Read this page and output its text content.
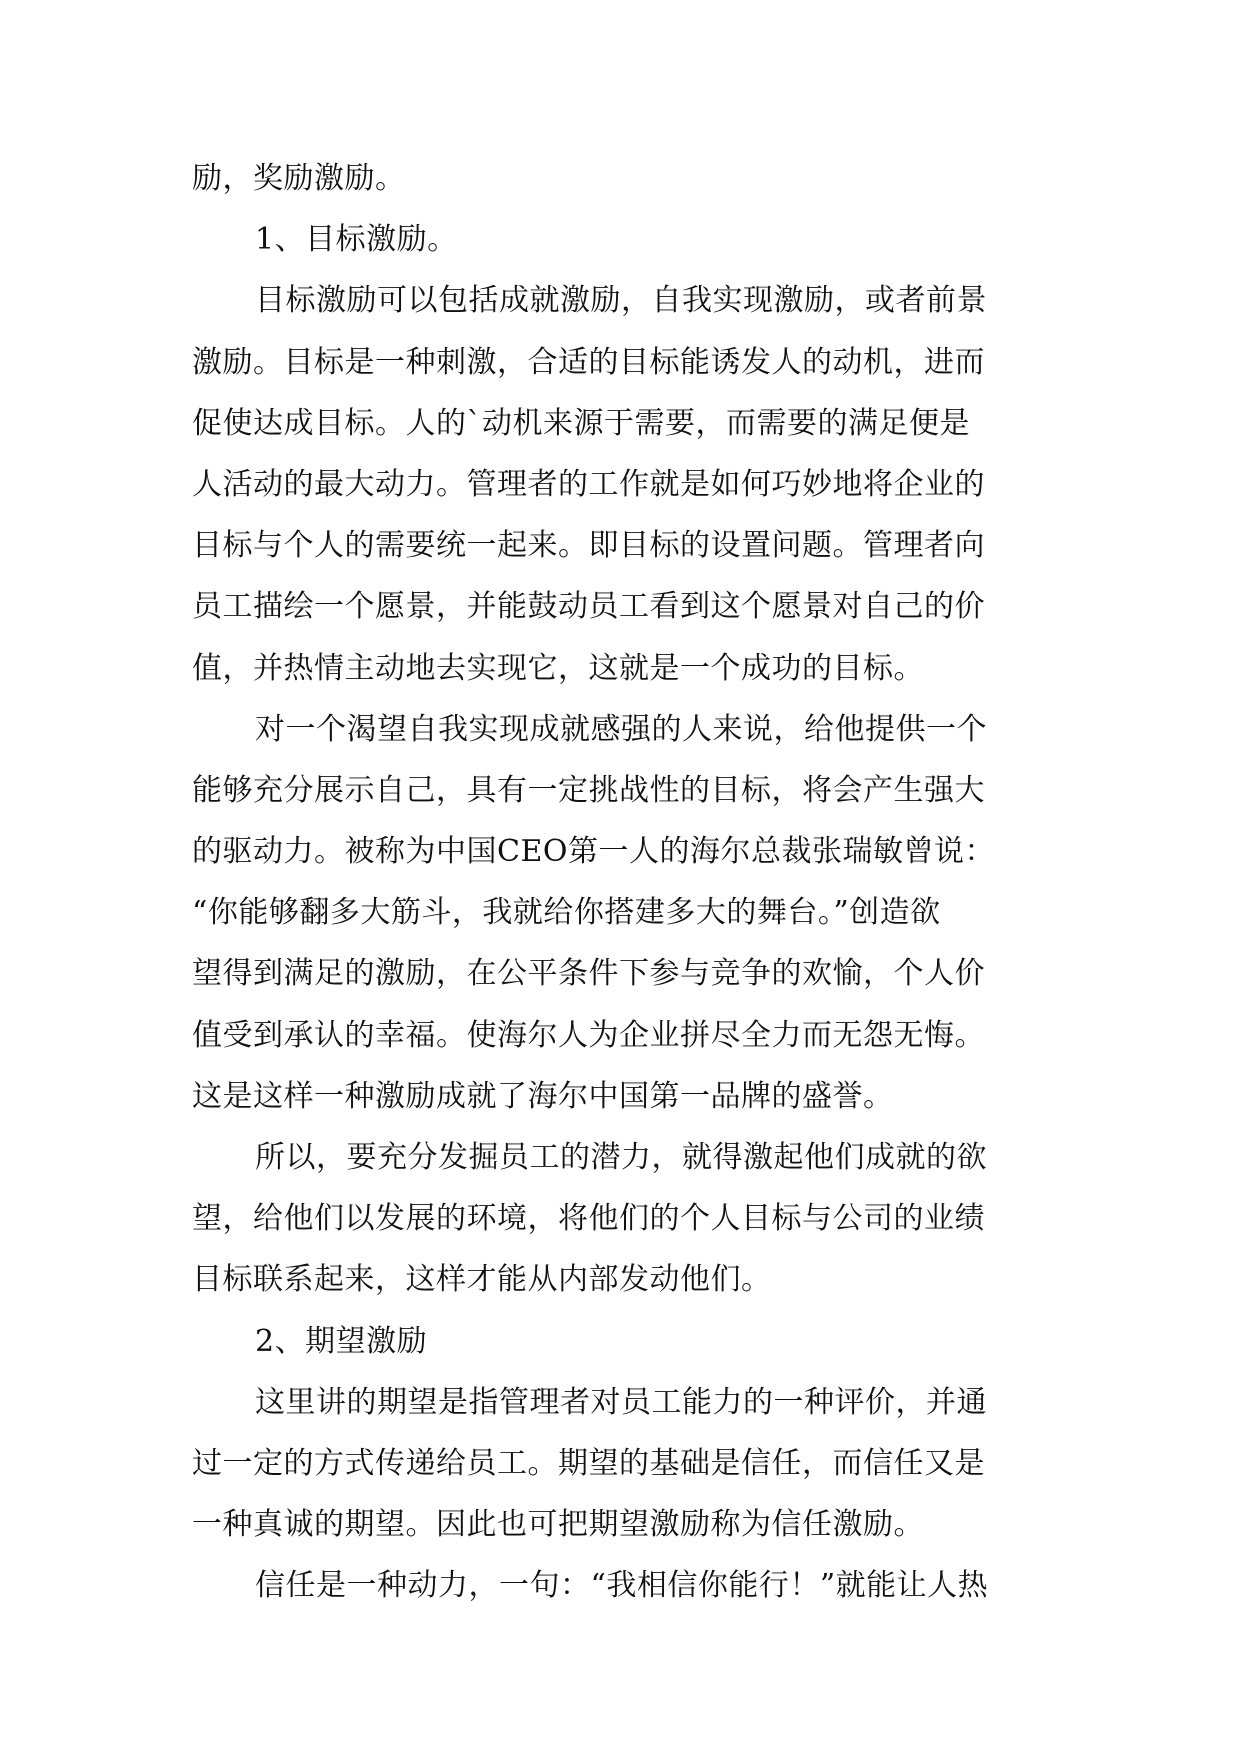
励，奖励激励。
1、目标激励。
目标激励可以包括成就激励，自我实现激励，或者前景
激励。目标是一种刺激，合适的目标能诱发人的动机，进而
促使达成目标。人的`动机来源于需要，而需要的满足便是
人活动的最大动力。管理者的工作就是如何巧妙地将企业的
目标与个人的需要统一起来。即目标的设置问题。管理者向
员工描绘一个愿景，并能鼓动员工看到这个愿景对自己的价
值，并热情主动地去实现它，这就是一个成功的目标。
对一个渴望自我实现成就感强的人来说，给他提供一个
能够充分展示自己，具有一定挑战性的目标，将会产生强大
的驱动力。被称为中国CEO第一人的海尔总裁张瑞敏曾说：
“你能够翻多大筋斗，我就给你搭建多大的舞台。”创造欲
望得到满足的激励，在公平条件下参与竞争的欢愉，个人价
值受到承认的幸福。使海尔人为企业拼尽全力而无怨无悔。
这是这样一种激励成就了海尔中国第一品牌的盛誉。
所以，要充分发掘员工的潜力，就得激起他们成就的欲
望，给他们以发展的环境，将他们的个人目标与公司的业绩
目标联系起来，这样才能从内部发动他们。
2、期望激励
这里讲的期望是指管理者对员工能力的一种评价，并通
过一定的方式传递给员工。期望的基础是信任，而信任又是
一种真诚的期望。因此也可把期望激励称为信任激励。
信任是一种动力，一句：“我相信你能行！”就能让人热
